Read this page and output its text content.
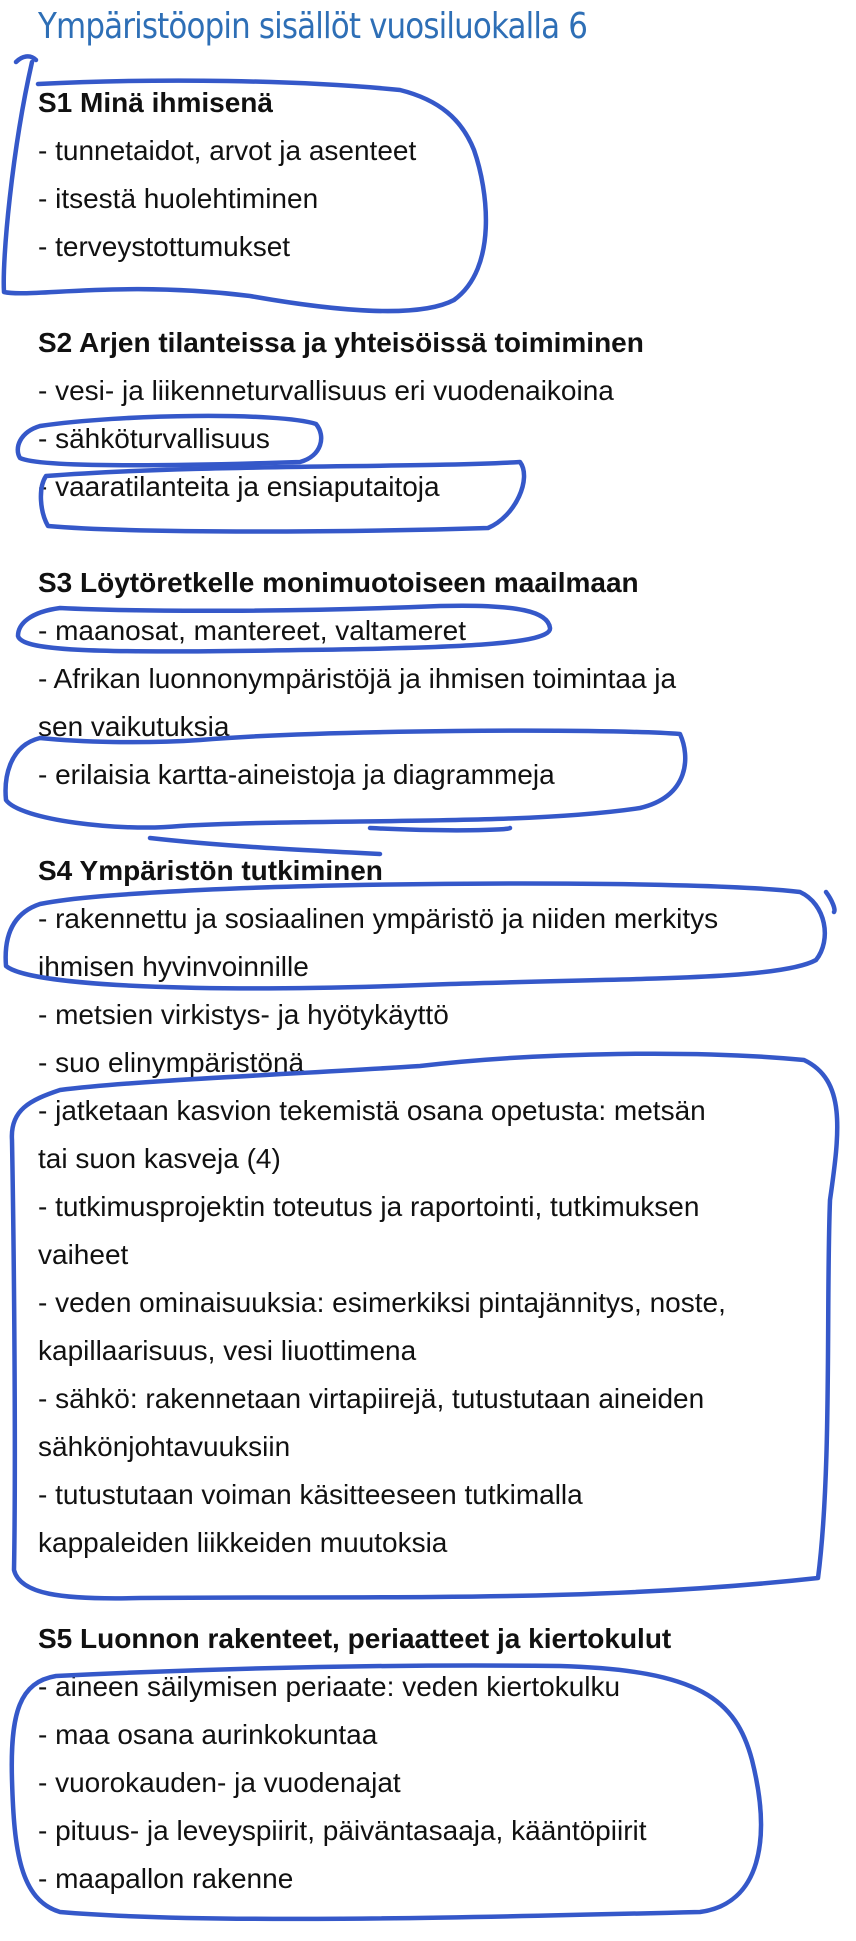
Ympäristöopin sisällöt vuosiluokalla 6
S1 Minä ihmisenä
- tunnetaidot, arvot ja asenteet
- itsestä huolehtiminen
- terveystottumukset
S2 Arjen tilanteissa ja yhteisöissä toimiminen
- vesi- ja liikenneturvallisuus eri vuodenaikoina
- sähköturvallisuus
- vaaratilanteita ja ensiaputaitoja
S3 Löytöretkelle monimuotoiseen maailmaan
- maanosat, mantereet, valtameret
- Afrikan luonnonympäristöjä ja ihmisen toimintaa ja
sen vaikutuksia
- erilaisia kartta-aineistoja ja diagrammeja
S4 Ympäristön tutkiminen
- rakennettu ja sosiaalinen ympäristö ja niiden merkitys
ihmisen hyvinvoinnille
- metsien virkistys- ja hyötykäyttö
- suo elinympäristönä
- jatketaan kasvion tekemistä osana opetusta: metsän
tai suon kasveja (4)
- tutkimusprojektin toteutus ja raportointi, tutkimuksen
vaiheet
- veden ominaisuuksia: esimerkiksi pintajännitys, noste,
kapillaarisuus, vesi liuottimena
- sähkö: rakennetaan virtapiirejä, tutustutaan aineiden
sähkönjohtavuuksiin
- tutustutaan voiman käsitteeseen tutkimalla
kappaleiden liikkeiden muutoksia
S5 Luonnon rakenteet, periaatteet ja kiertokulut
- aineen säilymisen periaate: veden kiertokulku
- maa osana aurinkokuntaa
- vuorokauden- ja vuodenajat
- pituus- ja leveyspiirit, päiväntasaaja, kääntöpiirit
- maapallon rakenne
